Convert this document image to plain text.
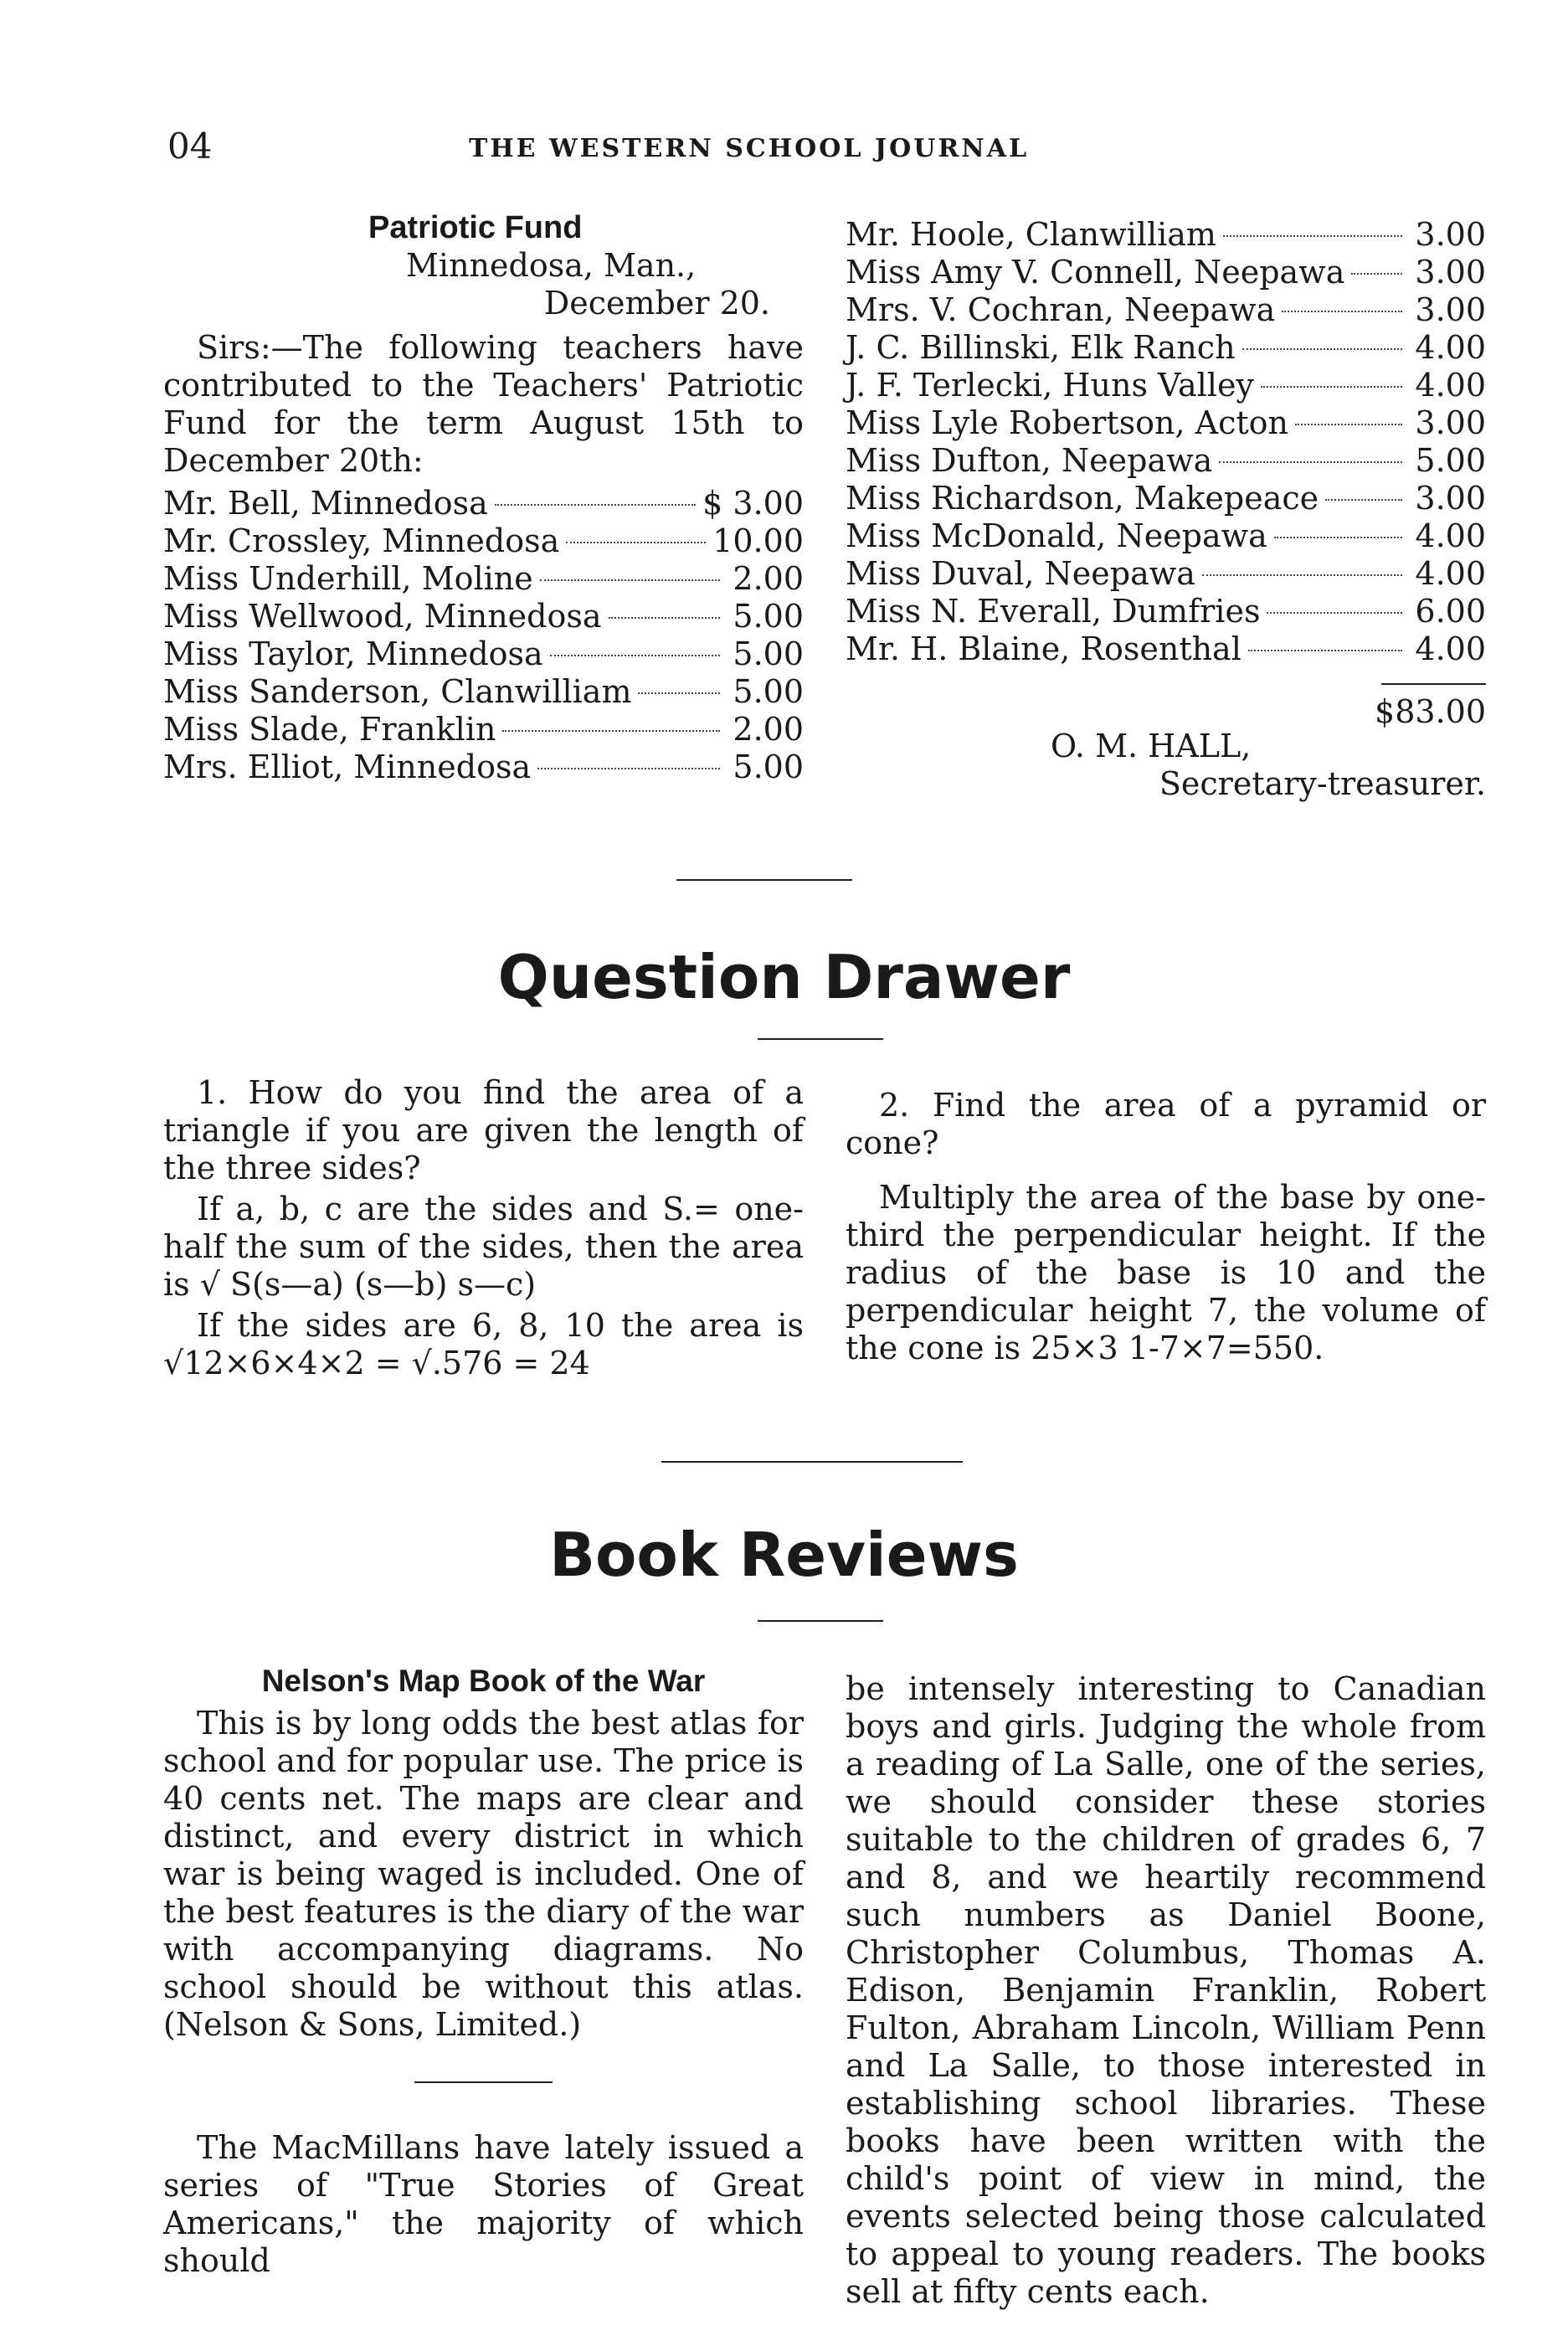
04	THE WESTERN SCHOOL JOURNAL
Patriotic Fund
Minnedosa, Man.,
December 20.

Sirs:—The following teachers have contributed to the Teachers' Patriotic Fund for the term August 15th to December 20th:

Mr. Bell, Minnedosa	$ 3.00
Mr. Crossley, Minnedosa	10.00
Miss Underhill, Moline	2.00
Miss Wellwood, Minnedosa	5.00
Miss Taylor, Minnedosa	5.00
Miss Sanderson, Clanwilliam	5.00
Miss Slade, Franklin	2.00
Mrs. Elliot, Minnedosa	5.00
Mr. Hoole, Clanwilliam	3.00
Miss Amy V. Connell, Neepawa 3.00
Mrs. V. Cochran, Neepawa	3.00
J. C. Billinski, Elk Ranch	4.00
J. F. Terlecki, Huns Valley	4.00
Miss Lyle Robertson, Acton	3.00
Miss Dufton, Neepawa	5.00
Miss Richardson, Makepeace	3.00
Miss McDonald, Neepawa	4.00
Miss Duval, Neepawa	4.00
Miss N. Everall, Dumfries	6.00
Mr. H. Blaine, Rosenthal	4.00
$83.00
O. M. HALL,
Secretary-treasurer.
Question Drawer

1. How do you find the area of a triangle if you are given the length of the three sides?

If a, b, c are the sides and S.= one-half the sum of the sides, then the area is √ S(s—a) (s—b) s—c)

If the sides are 6, 8, 10 the area is √12×6×4×2 = √.576 = 24

2. Find the area of a pyramid or cone?

Multiply the area of the base by one-third the perpendicular height. If the radius of the base is 10 and the perpendicular height 7, the volume of the cone is 25×3 1-7×7=550.

Book Reviews
Nelson's Map Book of the War

This is by long odds the best atlas for school and for popular use. The price is 40 cents net. The maps are clear and distinct, and every district in which war is being waged is included. One of the best features is the diary of the war with accompanying diagrams. No school should be without this atlas. (Nelson & Sons, Limited.)

The MacMillans have lately issued a series of "True Stories of Great Americans," the majority of which should

be intensely interesting to Canadian boys and girls. Judging the whole from a reading of La Salle, one of the series, we should consider these stories suitable to the children of grades 6, 7 and 8, and we heartily recommend such numbers as Daniel Boone, Christopher Columbus, Thomas A. Edison, Benjamin Franklin, Robert Fulton, Abraham Lincoln, William Penn and La Salle, to those interested in establishing school libraries. These books have been written with the child's point of view in mind, the events selected being those calculated to appeal to young readers. The books sell at fifty cents each.
